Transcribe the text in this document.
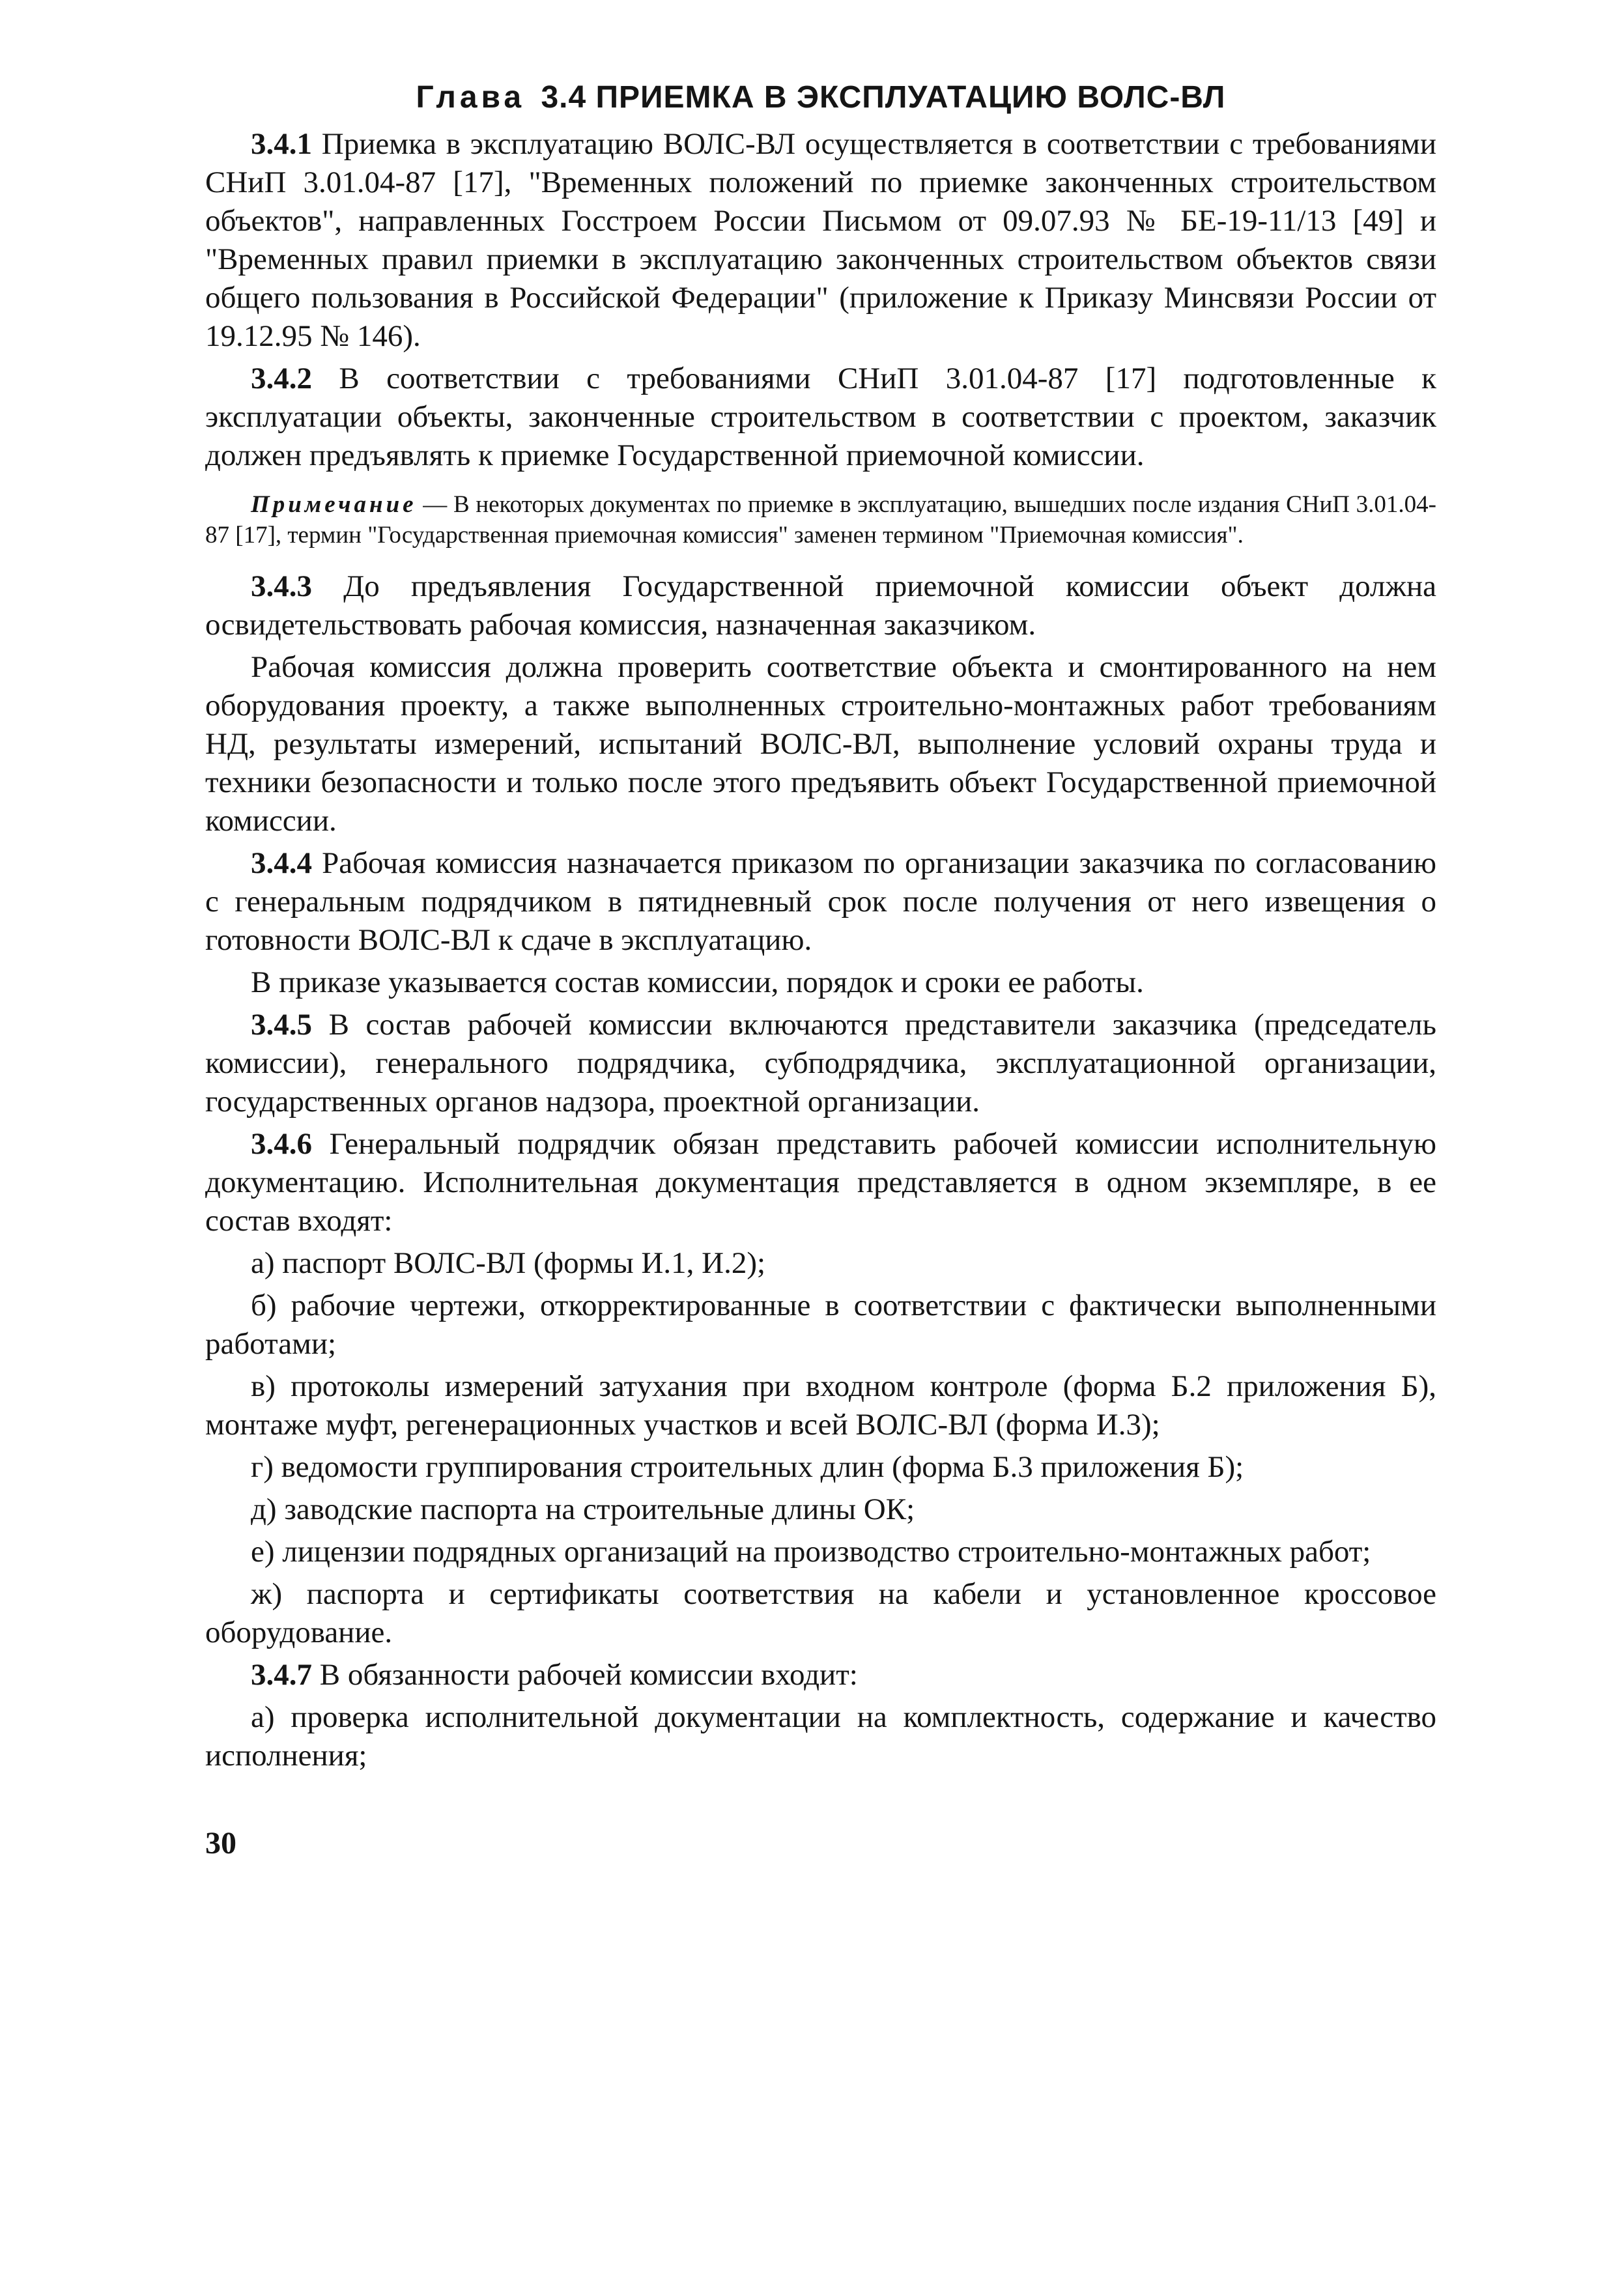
Глава 3.4 ПРИЕМКА В ЭКСПЛУАТАЦИЮ ВОЛС-ВЛ

3.4.1 Приемка в эксплуатацию ВОЛС-ВЛ осуществляется в соответствии с требованиями СНиП 3.01.04-87 [17], "Временных положений по приемке законченных строительством объектов", направленных Госстроем России Письмом от 09.07.93 № БЕ-19-11/13 [49] и "Временных правил приемки в эксплуатацию законченных строительством объектов связи общего пользования в Российской Федерации" (приложение к Приказу Минсвязи России от 19.12.95 № 146).

3.4.2 В соответствии с требованиями СНиП 3.01.04-87 [17] подготовленные к эксплуатации объекты, законченные строительством в соответствии с проектом, заказчик должен предъявлять к приемке Государственной приемочной комиссии.

Примечание — В некоторых документах по приемке в эксплуатацию, вышедших после издания СНиП 3.01.04-87 [17], термин "Государственная приемочная комиссия" заменен термином "Приемочная комиссия".

3.4.3 До предъявления Государственной приемочной комиссии объект должна освидетельствовать рабочая комиссия, назначенная заказчиком.

Рабочая комиссия должна проверить соответствие объекта и смонтированного на нем оборудования проекту, а также выполненных строительно-монтажных работ требованиям НД, результаты измерений, испытаний ВОЛС-ВЛ, выполнение условий охраны труда и техники безопасности и только после этого предъявить объект Государственной приемочной комиссии.

3.4.4 Рабочая комиссия назначается приказом по организации заказчика по согласованию с генеральным подрядчиком в пятидневный срок после получения от него извещения о готовности ВОЛС-ВЛ к сдаче в эксплуатацию.

В приказе указывается состав комиссии, порядок и сроки ее работы.

3.4.5 В состав рабочей комиссии включаются представители заказчика (председатель комиссии), генерального подрядчика, субподрядчика, эксплуатационной организации, государственных органов надзора, проектной организации.

3.4.6 Генеральный подрядчик обязан представить рабочей комиссии исполнительную документацию. Исполнительная документация представляется в одном экземпляре, в ее состав входят:

а) паспорт ВОЛС-ВЛ (формы И.1, И.2);

б) рабочие чертежи, откорректированные в соответствии с фактически выполненными работами;

в) протоколы измерений затухания при входном контроле (форма Б.2 приложения Б), монтаже муфт, регенерационных участков и всей ВОЛС-ВЛ (форма И.3);

г) ведомости группирования строительных длин (форма Б.3 приложения Б);

д) заводские паспорта на строительные длины ОК;

е) лицензии подрядных организаций на производство строительно-монтажных работ;

ж) паспорта и сертификаты соответствия на кабели и установленное кроссовое оборудование.

3.4.7 В обязанности рабочей комиссии входит:

а) проверка исполнительной документации на комплектность, содержание и качество исполнения;

30
